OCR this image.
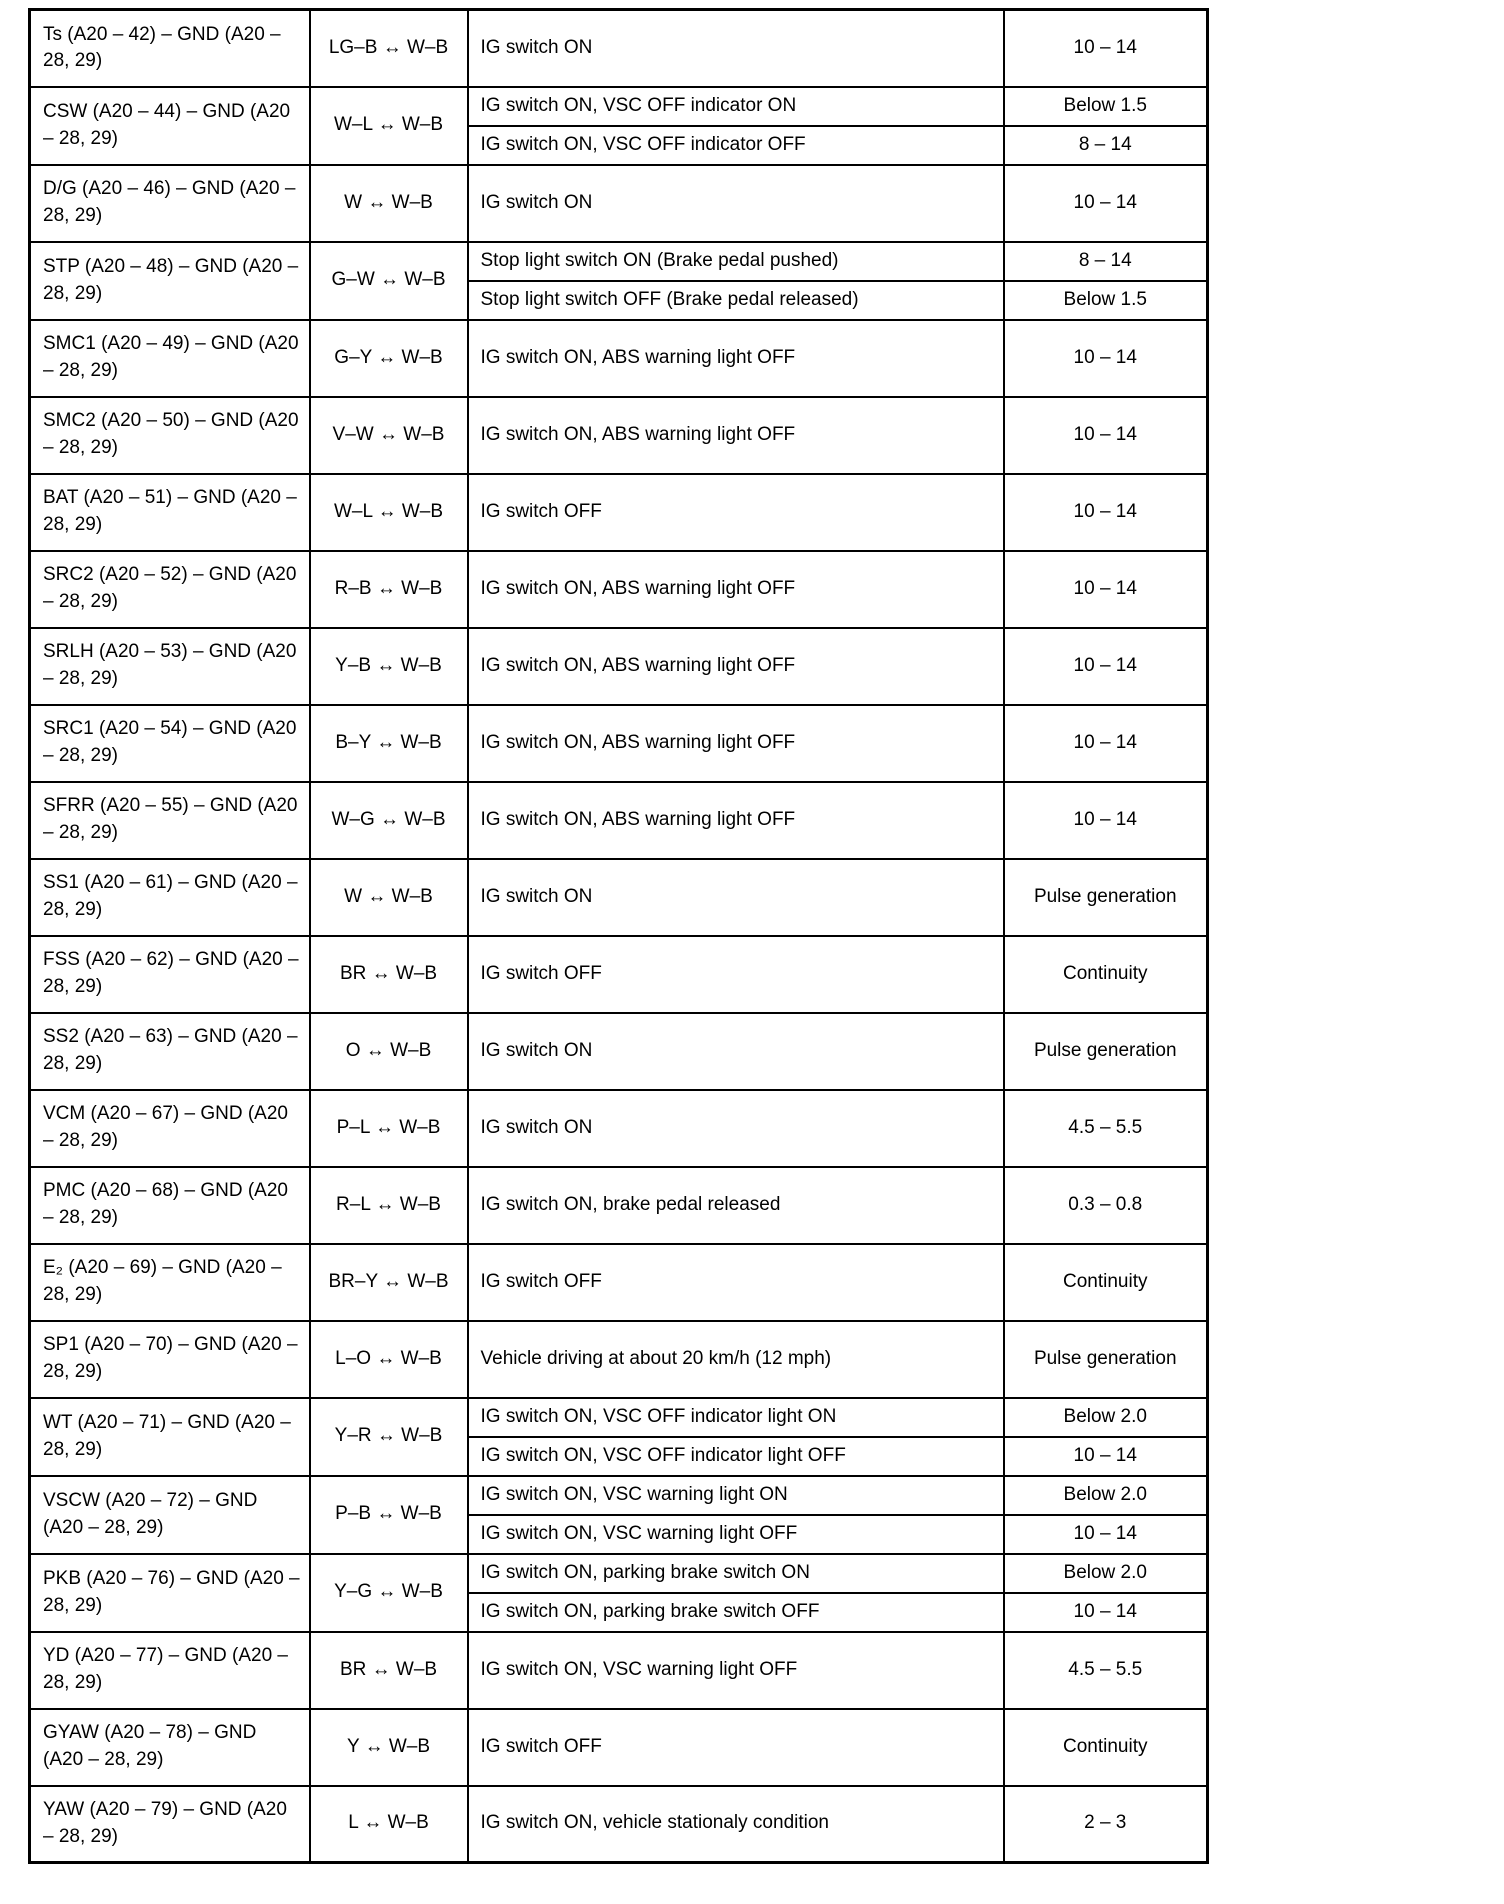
Ts (A20 – 42) – GND (A20 – 28, 29)	LG–B ↔ W–B	IG switch ON	10 – 14
CSW (A20 – 44) – GND (A20 – 28, 29)	W–L ↔ W–B	IG switch ON, VSC OFF indicator ON	Below 1.5
		IG switch ON, VSC OFF indicator OFF	8 – 14
D/G (A20 – 46) – GND (A20 – 28, 29)	W ↔ W–B	IG switch ON	10 – 14
STP (A20 – 48) – GND (A20 – 28, 29)	G–W ↔ W–B	Stop light switch ON (Brake pedal pushed)	8 – 14
		Stop light switch OFF (Brake pedal released)	Below 1.5
SMC1 (A20 – 49) – GND (A20 – 28, 29)	G–Y ↔ W–B	IG switch ON, ABS warning light OFF	10 – 14
SMC2 (A20 – 50) – GND (A20 – 28, 29)	V–W ↔ W–B	IG switch ON, ABS warning light OFF	10 – 14
BAT (A20 – 51) – GND (A20 – 28, 29)	W–L ↔ W–B	IG switch OFF	10 – 14
SRC2 (A20 – 52) – GND (A20 – 28, 29)	R–B ↔ W–B	IG switch ON, ABS warning light OFF	10 – 14
SRLH (A20 – 53) – GND (A20 – 28, 29)	Y–B ↔ W–B	IG switch ON, ABS warning light OFF	10 – 14
SRC1 (A20 – 54) – GND (A20 – 28, 29)	B–Y ↔ W–B	IG switch ON, ABS warning light OFF	10 – 14
SFRR (A20 – 55) – GND (A20 – 28, 29)	W–G ↔ W–B	IG switch ON, ABS warning light OFF	10 – 14
SS1 (A20 – 61) – GND (A20 – 28, 29)	W ↔ W–B	IG switch ON	Pulse generation
FSS (A20 – 62) – GND (A20 – 28, 29)	BR ↔ W–B	IG switch OFF	Continuity
SS2 (A20 – 63) – GND (A20 – 28, 29)	O ↔ W–B	IG switch ON	Pulse generation
VCM (A20 – 67) – GND (A20 – 28, 29)	P–L ↔ W–B	IG switch ON	4.5 – 5.5
PMC (A20 – 68) – GND (A20 – 28, 29)	R–L ↔ W–B	IG switch ON, brake pedal released	0.3 – 0.8
E₂ (A20 – 69) – GND (A20 – 28, 29)	BR–Y ↔ W–B	IG switch OFF	Continuity
SP1 (A20 – 70) – GND (A20 – 28, 29)	L–O ↔ W–B	Vehicle driving at about 20 km/h (12 mph)	Pulse generation
WT (A20 – 71) – GND (A20 – 28, 29)	Y–R ↔ W–B	IG switch ON, VSC OFF indicator light ON	Below 2.0
		IG switch ON, VSC OFF indicator light OFF	10 – 14
VSCW (A20 – 72) – GND (A20 – 28, 29)	P–B ↔ W–B	IG switch ON, VSC warning light ON	Below 2.0
		IG switch ON, VSC warning light OFF	10 – 14
PKB (A20 – 76) – GND (A20 – 28, 29)	Y–G ↔ W–B	IG switch ON, parking brake switch ON	Below 2.0
		IG switch ON, parking brake switch OFF	10 – 14
YD (A20 – 77) – GND (A20 – 28, 29)	BR ↔ W–B	IG switch ON, VSC warning light OFF	4.5 – 5.5
GYAW (A20 – 78) – GND (A20 – 28, 29)	Y ↔ W–B	IG switch OFF	Continuity
YAW (A20 – 79) – GND (A20 – 28, 29)	L ↔ W–B	IG switch ON, vehicle stationaly condition	2 – 3
